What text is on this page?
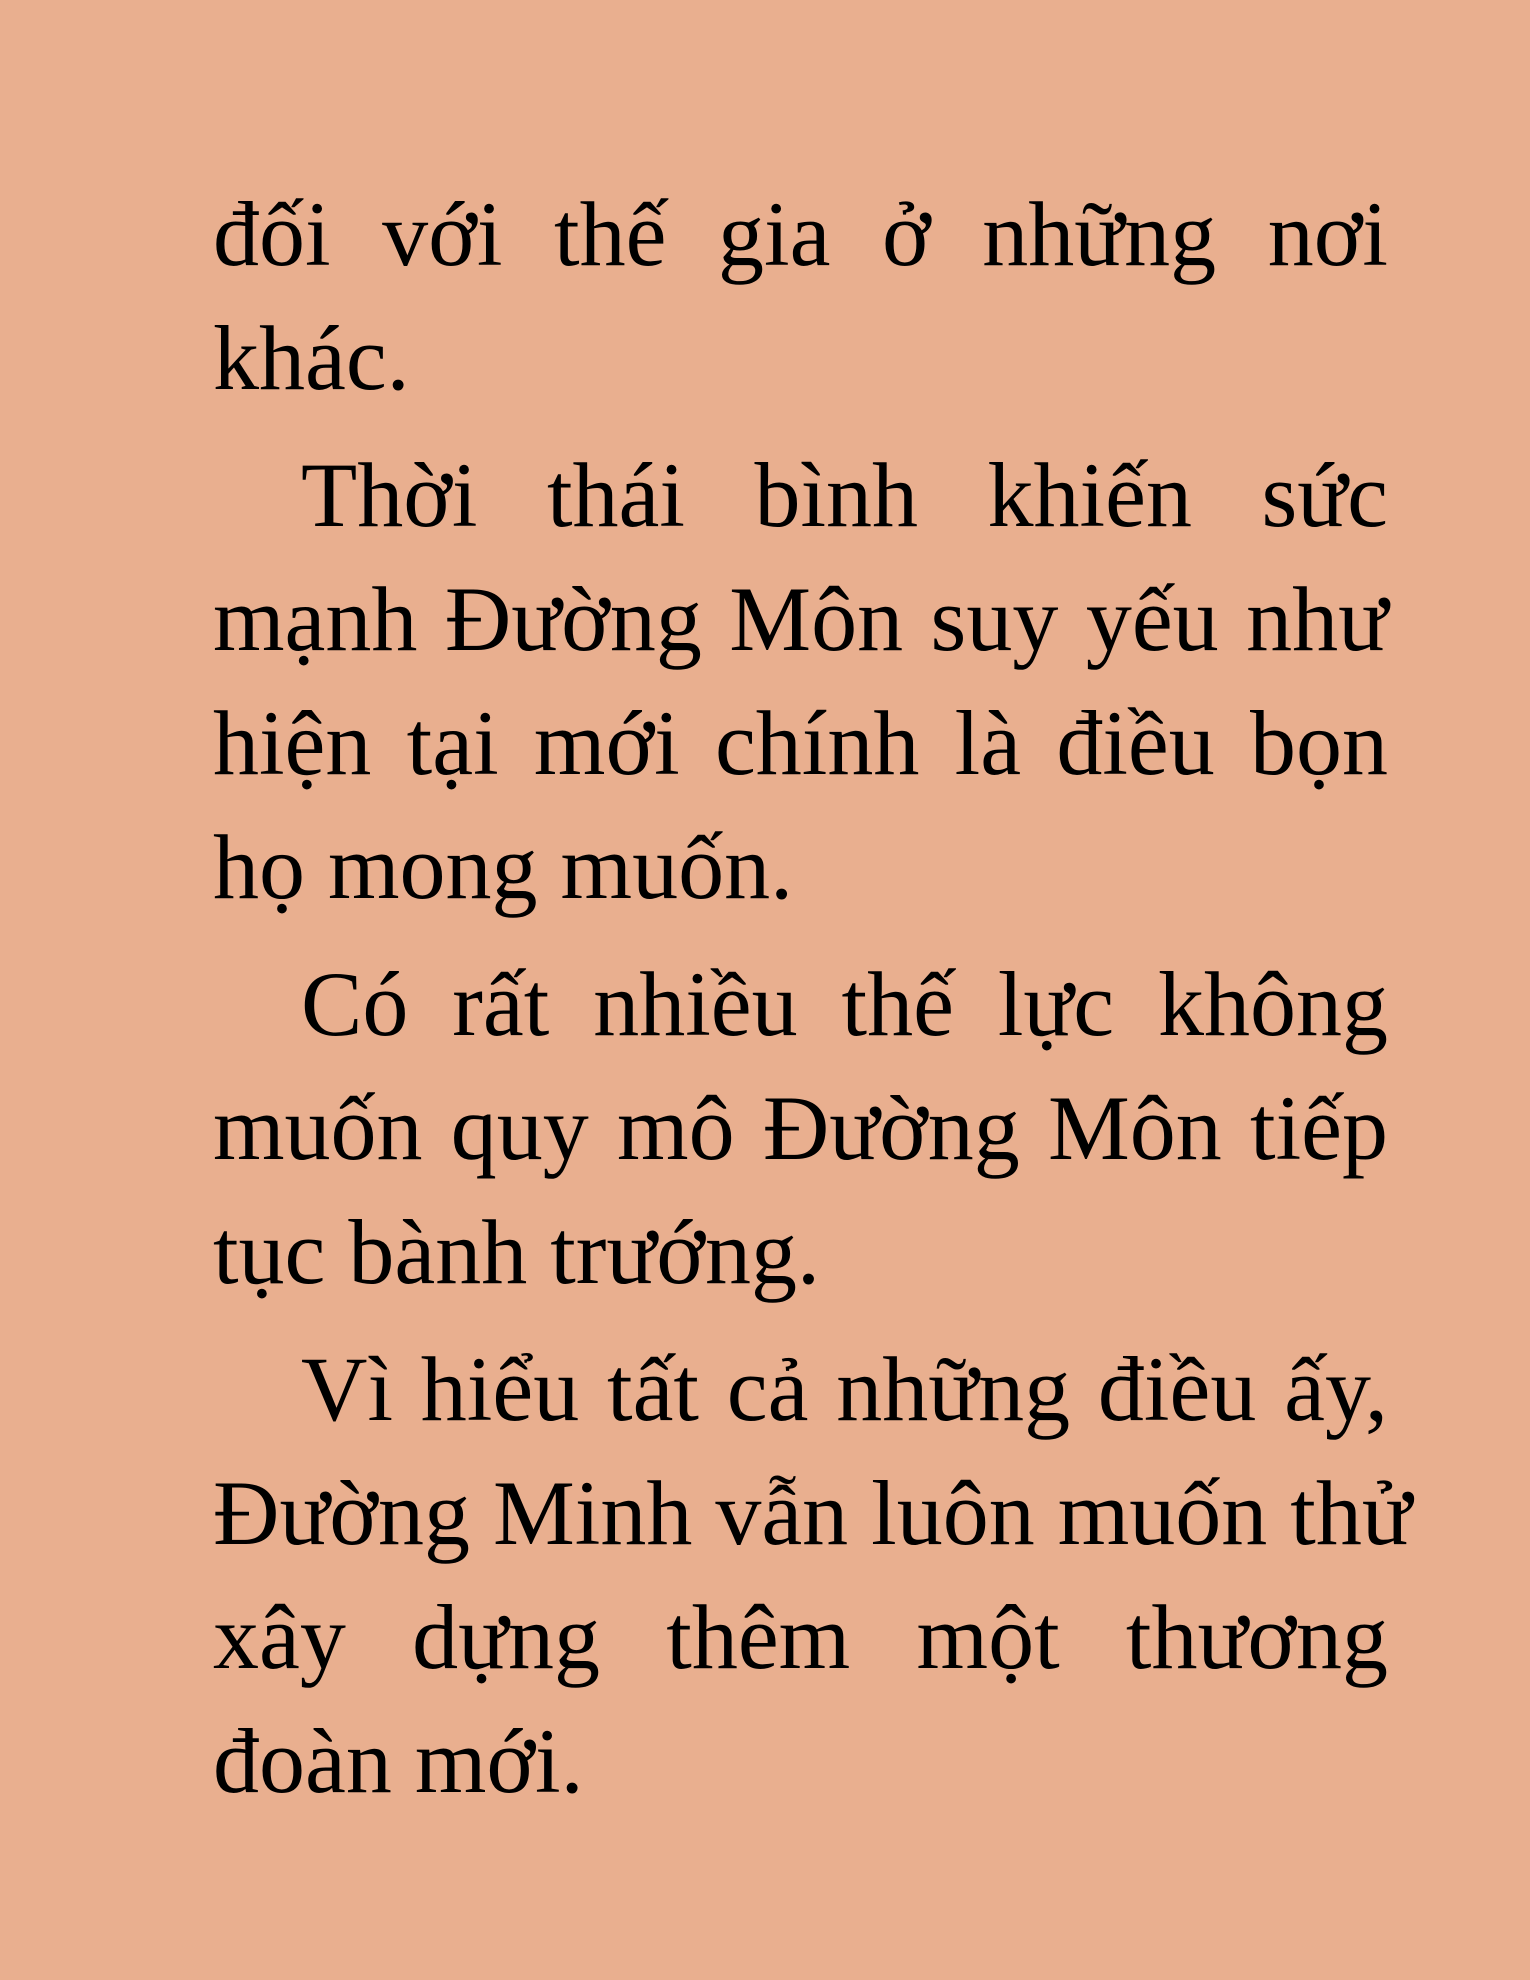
đối với thế gia ở những nơi
khác.
Thời thái bình khiến sức
mạnh Đường Môn suy yếu như
hiện tại mới chính là điều bọn
họ mong muốn.
Có rất nhiều thế lực không
muốn quy mô Đường Môn tiếp
tục bành trướng.
Vì hiểu tất cả những điều ấy,
Đường Minh vẫn luôn muốn thử
xây dựng thêm một thương
đoàn mới.
